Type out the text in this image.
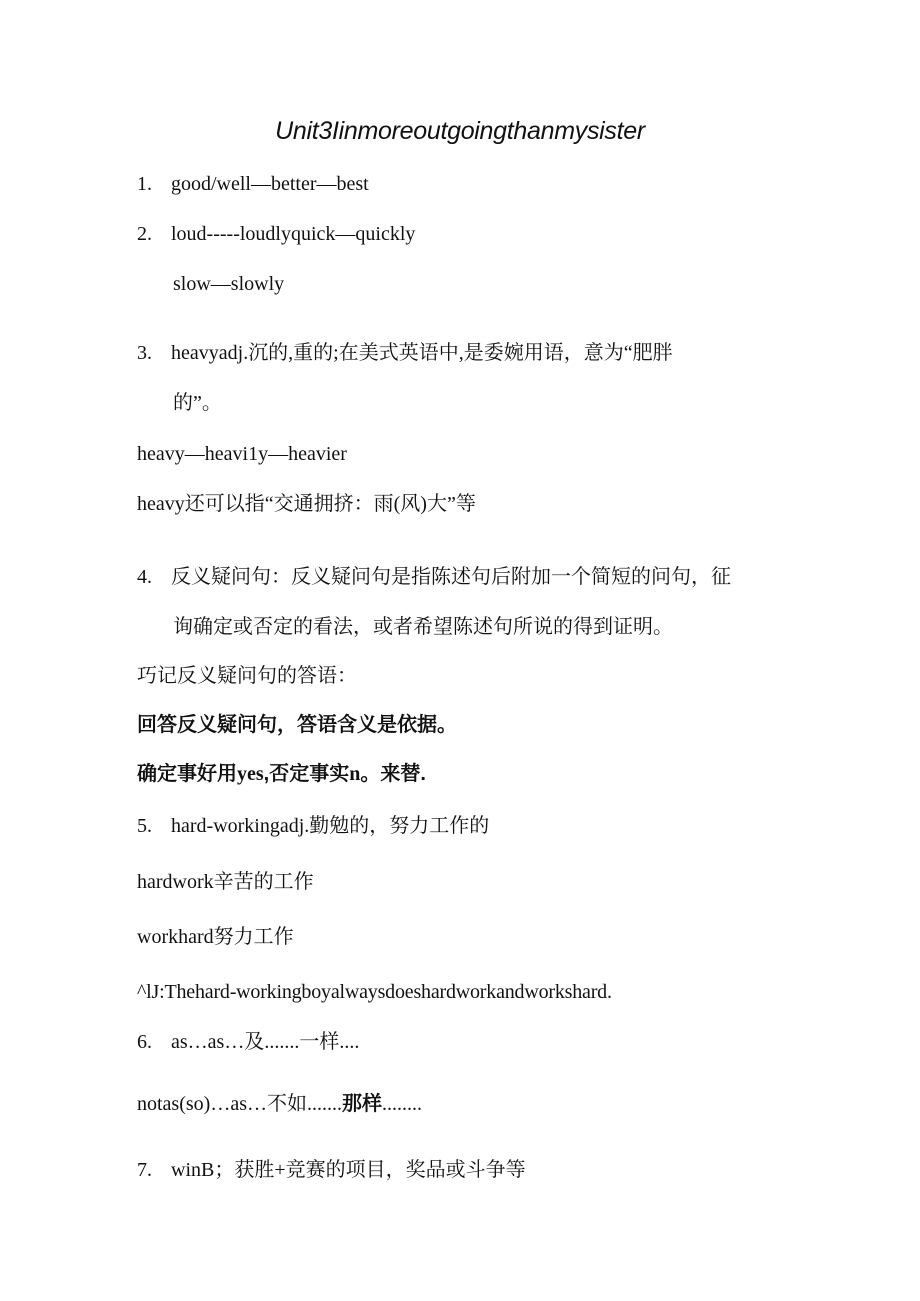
Unit3Iinmoreoutgoingthanmysister
1. good/well—better—best
2. loud-----loudlyquick—quickly
slow—slowly
3. heavyadj.沉的,重的;在美式英语中,是委婉用语，意为“肥胖
的”。
heavy—heavi1y—heavier
heavy还可以指“交通拥挤：雨(风)大”等
4. 反义疑问句：反义疑问句是指陈述句后附加一个简短的问句，征
询确定或否定的看法，或者希望陈述句所说的得到证明。
巧记反义疑问句的答语：
回答反义疑问句，答语含义是依据。
确定事好用yes,否定事实n。来替.
5. hard-workingadj.勤勉的，努力工作的
hardwork辛苦的工作
workhard努力工作
^lJ:Thehard-workingboyalwaysdoeshardworkandworkshard.
6. as…as…及.......一样....
notas(so)…as…不如.......那样........
7. winB；获胜+竞赛的项目，奖品或斗争等
